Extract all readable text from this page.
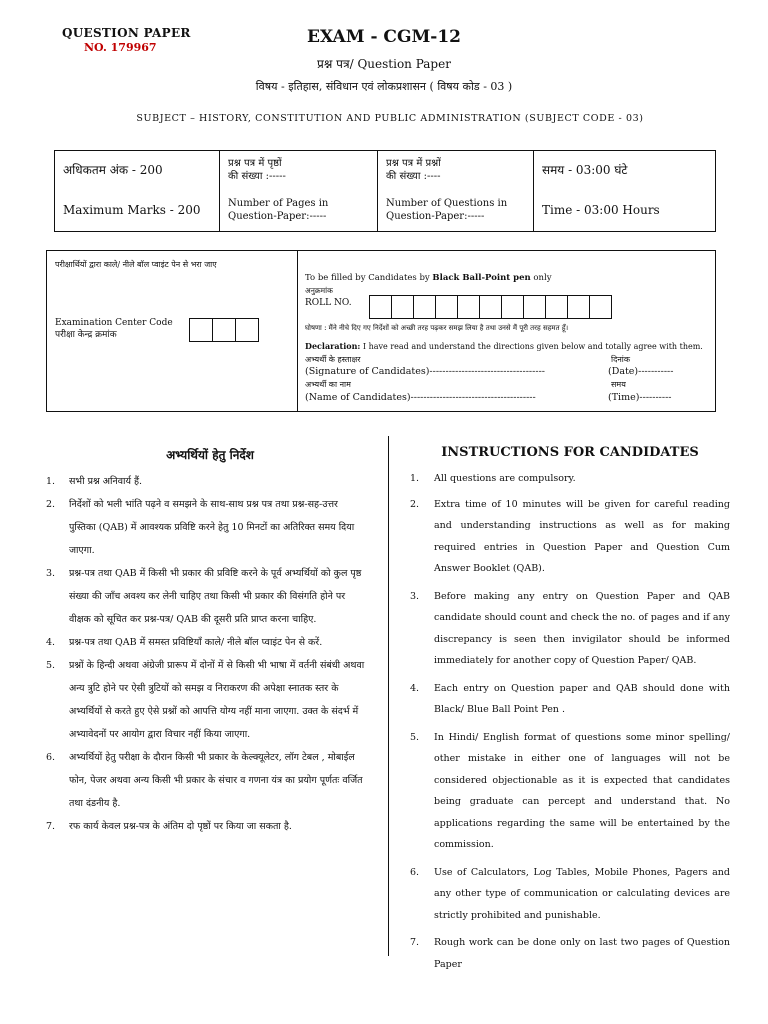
QUESTION PAPER
NO. 179967
EXAM - CGM-12
प्रश्न पत्र/ Question Paper
विषय - इतिहास, संविधान एवं लोकप्रशासन ( विषय कोड - 03 )
SUBJECT – HISTORY, CONSTITUTION AND PUBLIC ADMINISTRATION (SUBJECT CODE - 03)
अधिकतम अंक - 200
Maximum Marks - 200
प्रश्न पत्र में पृष्ठों
की संख्या :-----
Number of Pages in
Question-Paper:-----
प्रश्न पत्र में प्रश्नों
की संख्या :----
Number of Questions in
Question-Paper:-----
समय - 03:00 घंटे
Time - 03:00 Hours
परीक्षार्थियों द्वारा काले/ नीले बॉल प्वाइंट पेन से भरा जाए
Examination Center Code
परीक्षा केन्द्र क्रमांक
To be filled by Candidates by Black Ball-Point pen only
अनुक्रमांक
ROLL NO.
घोषणा : मैंने नीचे दिए गए निर्देशों को अच्छी तरह पढ़कर समझ लिया है तथा उनसे मैं पूरी तरह सहमत हूँ।
Declaration: I have read and understand the directions given below and totally agree with them.
अभ्यर्थी के हस्ताक्षर	दिनांक
(Signature of Candidates)------------------------------------	(Date)-----------
अभ्यर्थी का नाम	समय
(Name of Candidates)---------------------------------------	(Time)----------
अभ्यर्थियों हेतु निर्देश	INSTRUCTIONS FOR CANDIDATES
1. सभी प्रश्न अनिवार्य हैं.
2. निर्देशों को भली भांति पढ़ने व समझने के साथ-साथ प्रश्न पत्र तथा प्रश्न-सह-उत्तर पुस्तिका (QAB) में आवश्यक प्रविष्टि करने हेतु 10 मिनटों का अतिरिक्त समय दिया जाएगा.
3. प्रश्न-पत्र तथा QAB में किसी भी प्रकार की प्रविष्टि करने के पूर्व अभ्यर्थियों को कुल पृष्ठ संख्या की जाँच अवश्य कर लेनी चाहिए तथा किसी भी प्रकार की विसंगति होने पर वीक्षक को सूचित कर प्रश्न-पत्र/ QAB की दूसरी प्रति प्राप्त करना चाहिए.
4. प्रश्न-पत्र तथा QAB में समस्त प्रविष्टियाँ काले/ नीले बॉल प्वाइंट पेन से करें.
5. प्रश्नों के हिन्दी अथवा अंग्रेजी प्रारूप में दोनों में से किसी भी भाषा में वर्तनी संबंधी अथवा अन्य त्रुटि होने पर ऐसी त्रुटियों को समझ व निराकरण की अपेक्षा स्नातक स्तर के अभ्यर्थियों से करते हुए ऐसे प्रश्नों को आपत्ति योग्य नहीं माना जाएगा. उक्त के संदर्भ में अभ्यावेदनों पर आयोग द्वारा विचार नहीं किया जाएगा.
6. अभ्यर्थियों हेतु परीक्षा के दौरान किसी भी प्रकार के केल्क्यूलेटर, लॉग टेबल , मोबाईल फोन, पेजर अथवा अन्य किसी भी प्रकार के संचार व गणना यंत्र का प्रयोग पूर्णतः वर्जित तथा दंडनीय है.
7. रफ कार्य केवल प्रश्न-पत्र के अंतिम दो पृष्ठों पर किया जा सकता है.
1. All questions are compulsory.
2. Extra time of 10 minutes will be given for careful reading and understanding instructions as well as for making required entries in Question Paper and Question Cum Answer Booklet (QAB).
3. Before making any entry on Question Paper and QAB candidate should count and check the no. of pages and if any discrepancy is seen then invigilator should be informed immediately for another copy of Question Paper/ QAB.
4. Each entry on Question paper and QAB should done with Black/ Blue Ball Point Pen .
5. In Hindi/ English format of questions some minor spelling/ other mistake in either one of languages will not be considered objectionable as it is expected that candidates being graduate can percept and understand that. No applications regarding the same will be entertained by the commission.
6. Use of Calculators, Log Tables, Mobile Phones, Pagers and any other type of communication or calculating devices are strictly prohibited and punishable.
7. Rough work can be done only on last two pages of Question Paper
